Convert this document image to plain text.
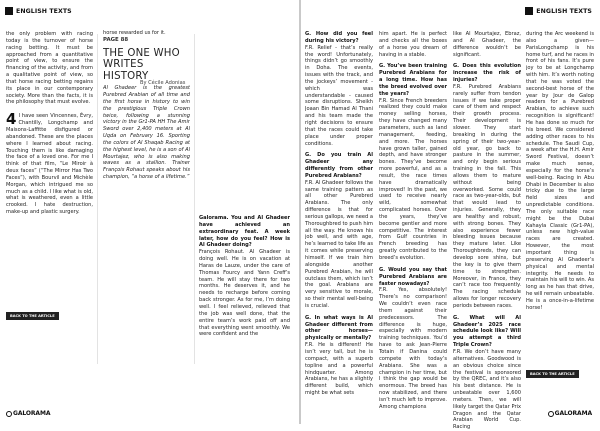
ENGLISH TEXTS

the only problem with racing today is the turnover of horse racing betting. It must be approached from a quantitative point of view, to ensure the financing of the activity, and from a qualitative point of view, so that horse racing betting regains its place in our contemporary society. More than the facts, it is the philosophy that must evolve.

4 I have seen Vincennes, Évry, Chantilly, Longchamp and Maisons-Laffitte disfigured or abandoned. These are the places where I learned about racing. Touching them is like damaging the face of a loved one. For me I think of that film, “Le Miroir à deux faces” (“The Mirror Has Two Faces”), with Bourvil and Michèle Morgan, which intrigued me so much as a child. I like what is old, what is weathered, even a little crooked. I hate destruction, make-up and plastic surgery.

BACK TO THE ARTICLE

horse rewarded us for it.

PAGE 88

THE ONE WHO
WRITES HISTORY

Al Ghadeer is the greatest Purebred Arabian of all time and the first horse in history to win the prestigious Triple Crown twice, following a stunning victory in the Gr1-PA HH The Amir Sword over 2,400 meters at Al Uqda on February 16. Sporting the colors of Al Shaqab Racing at the highest level, he is a son of Al Mourtajez, who is also making waves as a stallion. Trainer François Rohaut speaks about his champion, “a horse of a lifetime.”

By Cécile Adonias

Galorama. You and Al Ghadeer have achieved an extraordinary feat. A week later, how do you feel? How is Al Ghadeer doing?

François Rohaut. Al Ghadeer is doing well. He is on vacation at Haras de Lauze, under the care of Thomas Fourcy and Yann Creff’s team. He will stay there for two months. He deserves it, and he needs to recharge before coming back stronger. As for me, I’m doing well. I feel relieved, relieved that the job was well done, that the entire team’s work paid off and that everything went smoothly. We were confident and the

GALORAMA
ENGLISH TEXTS

G. How did you feel during his victory?

F.R. Relief - that’s really the word! Unfortunately, things didn’t go smoothly in Doha. The events, issues with the track, and the jockeys’ movement - which was understandable - caused some disruptions. Sheikh Joaan Bin Hamad Al Thani and his team made the right decisions to ensure that the races could take place under proper conditions.

G. Do you train Al Ghadeer any differently from other Purebred Arabians?

F.R. Al Ghadeer follows the same training pattern as all other Purebred Arabians. The only difference is that for serious gallops, we need a Thoroughbred to push him all the way. He knows his job well, and with age, he’s learned to take life as it comes while preserving himself. If we train him alongside another Purebred Arabian, he will outclass them, which isn’t the goal. Arabians are very sensitive to morale, so their mental well-being is crucial.

G. In what ways is Al Ghadeer different from other horses—physically or mentally?

F.R. He is different! He isn’t very tall, but he is compact, with a superb topline and a powerful hindquarter. Among Arabians, he has a slightly different build, which might be what sets

him apart. He is perfect and checks all the boxes of a horse you dream of having in a stable.

G. You’ve been training Purebred Arabians for a long time. How has the breed evolved over the years?

F.R. Since French breeders realized they could make money selling horses, they have changed many parameters, such as land management, feeding, and more. The horses have grown taller, gained depth, and have stronger bones. They’ve become more powerful, and as a result, the race times have dramatically improved! In the past, we used to receive nearly wild, somewhat complicated horses. Over the years, they’ve become gentler and more competitive. The interest from Gulf countries in French breeding has greatly contributed to the breed’s evolution.

G. Would you say that Purebred Arabians are faster nowadays?

F.R. Yes, absolutely! There’s no comparison! We couldn’t even race them against their predecessors. The difference is huge, especially with modern training techniques. You’d have to ask Jean-Pierre Totain if Danina could compete with today’s Arabians. She was a champion in her time, but I think the gap would be enormous. The breed has now stabilized, and there isn’t much left to improve. Among champions

like Al Mourtajez, Ebraz, and Al Ghadeer, the difference wouldn’t be significant.

G. Does this evolution increase the risk of injuries?

F.R. Purebred Arabians rarely suffer from tendon issues if we take proper care of them and respect their growth process. Their development is slower. They start breaking in during the spring of their two-year-old year, go back to pasture in the summer, and only begin serious training in the fall. This allows them to mature without being overworked. Some could race as two-year-olds, but that would lead to injuries. Generally, they are healthy and robust, with strong bones. They also experience fewer bleeding issues because they mature later. Like Thoroughbreds, they can develop sore shins, but the key is to give them time to strengthen. Moreover, in France, they can’t race too frequently. The racing schedule allows for longer recovery periods between races.

G. What will Al Ghadeer’s 2025 race schedule look like? Will you attempt a third Triple Crown?

F.R. We don’t have many alternatives. Goodwood is an obvious choice since the festival is sponsored by the QREC, and it’s also his best distance. He is unbeatable over 1,600 meters. Then, we will likely target the Qatar Prix Dragon and the Qatar Arabian World Cup. Racing

during the Arc weekend is also a given—ParisLongchamp is his home turf, and he races in front of his fans. It’s pure joy to be at Longchamp with him. It’s worth noting that he was voted the second-best horse of the year by Jour de Galop readers for a Purebred Arabian, to achieve such recognition is significant! He has done so much for his breed. We considered adding other races to his schedule. The Saudi Cup, a week after the H.H. Amir Sword Festival, doesn’t make much sense, especially for the horse’s well-being. Racing in Abu Dhabi in December is also tricky due to the large field sizes and unpredictable conditions. The only suitable race might be the Dubai Kahayla Classic (Gr1-PA), unless new high-value races are created. However, the most important thing is preserving Al Ghadeer’s physical and mental integrity. He needs to maintain his will to win. As long as he has that drive, he will remain unbeatable. He is a once-in-a-lifetime horse!

BACK TO THE ARTICLE
GALORAMA
